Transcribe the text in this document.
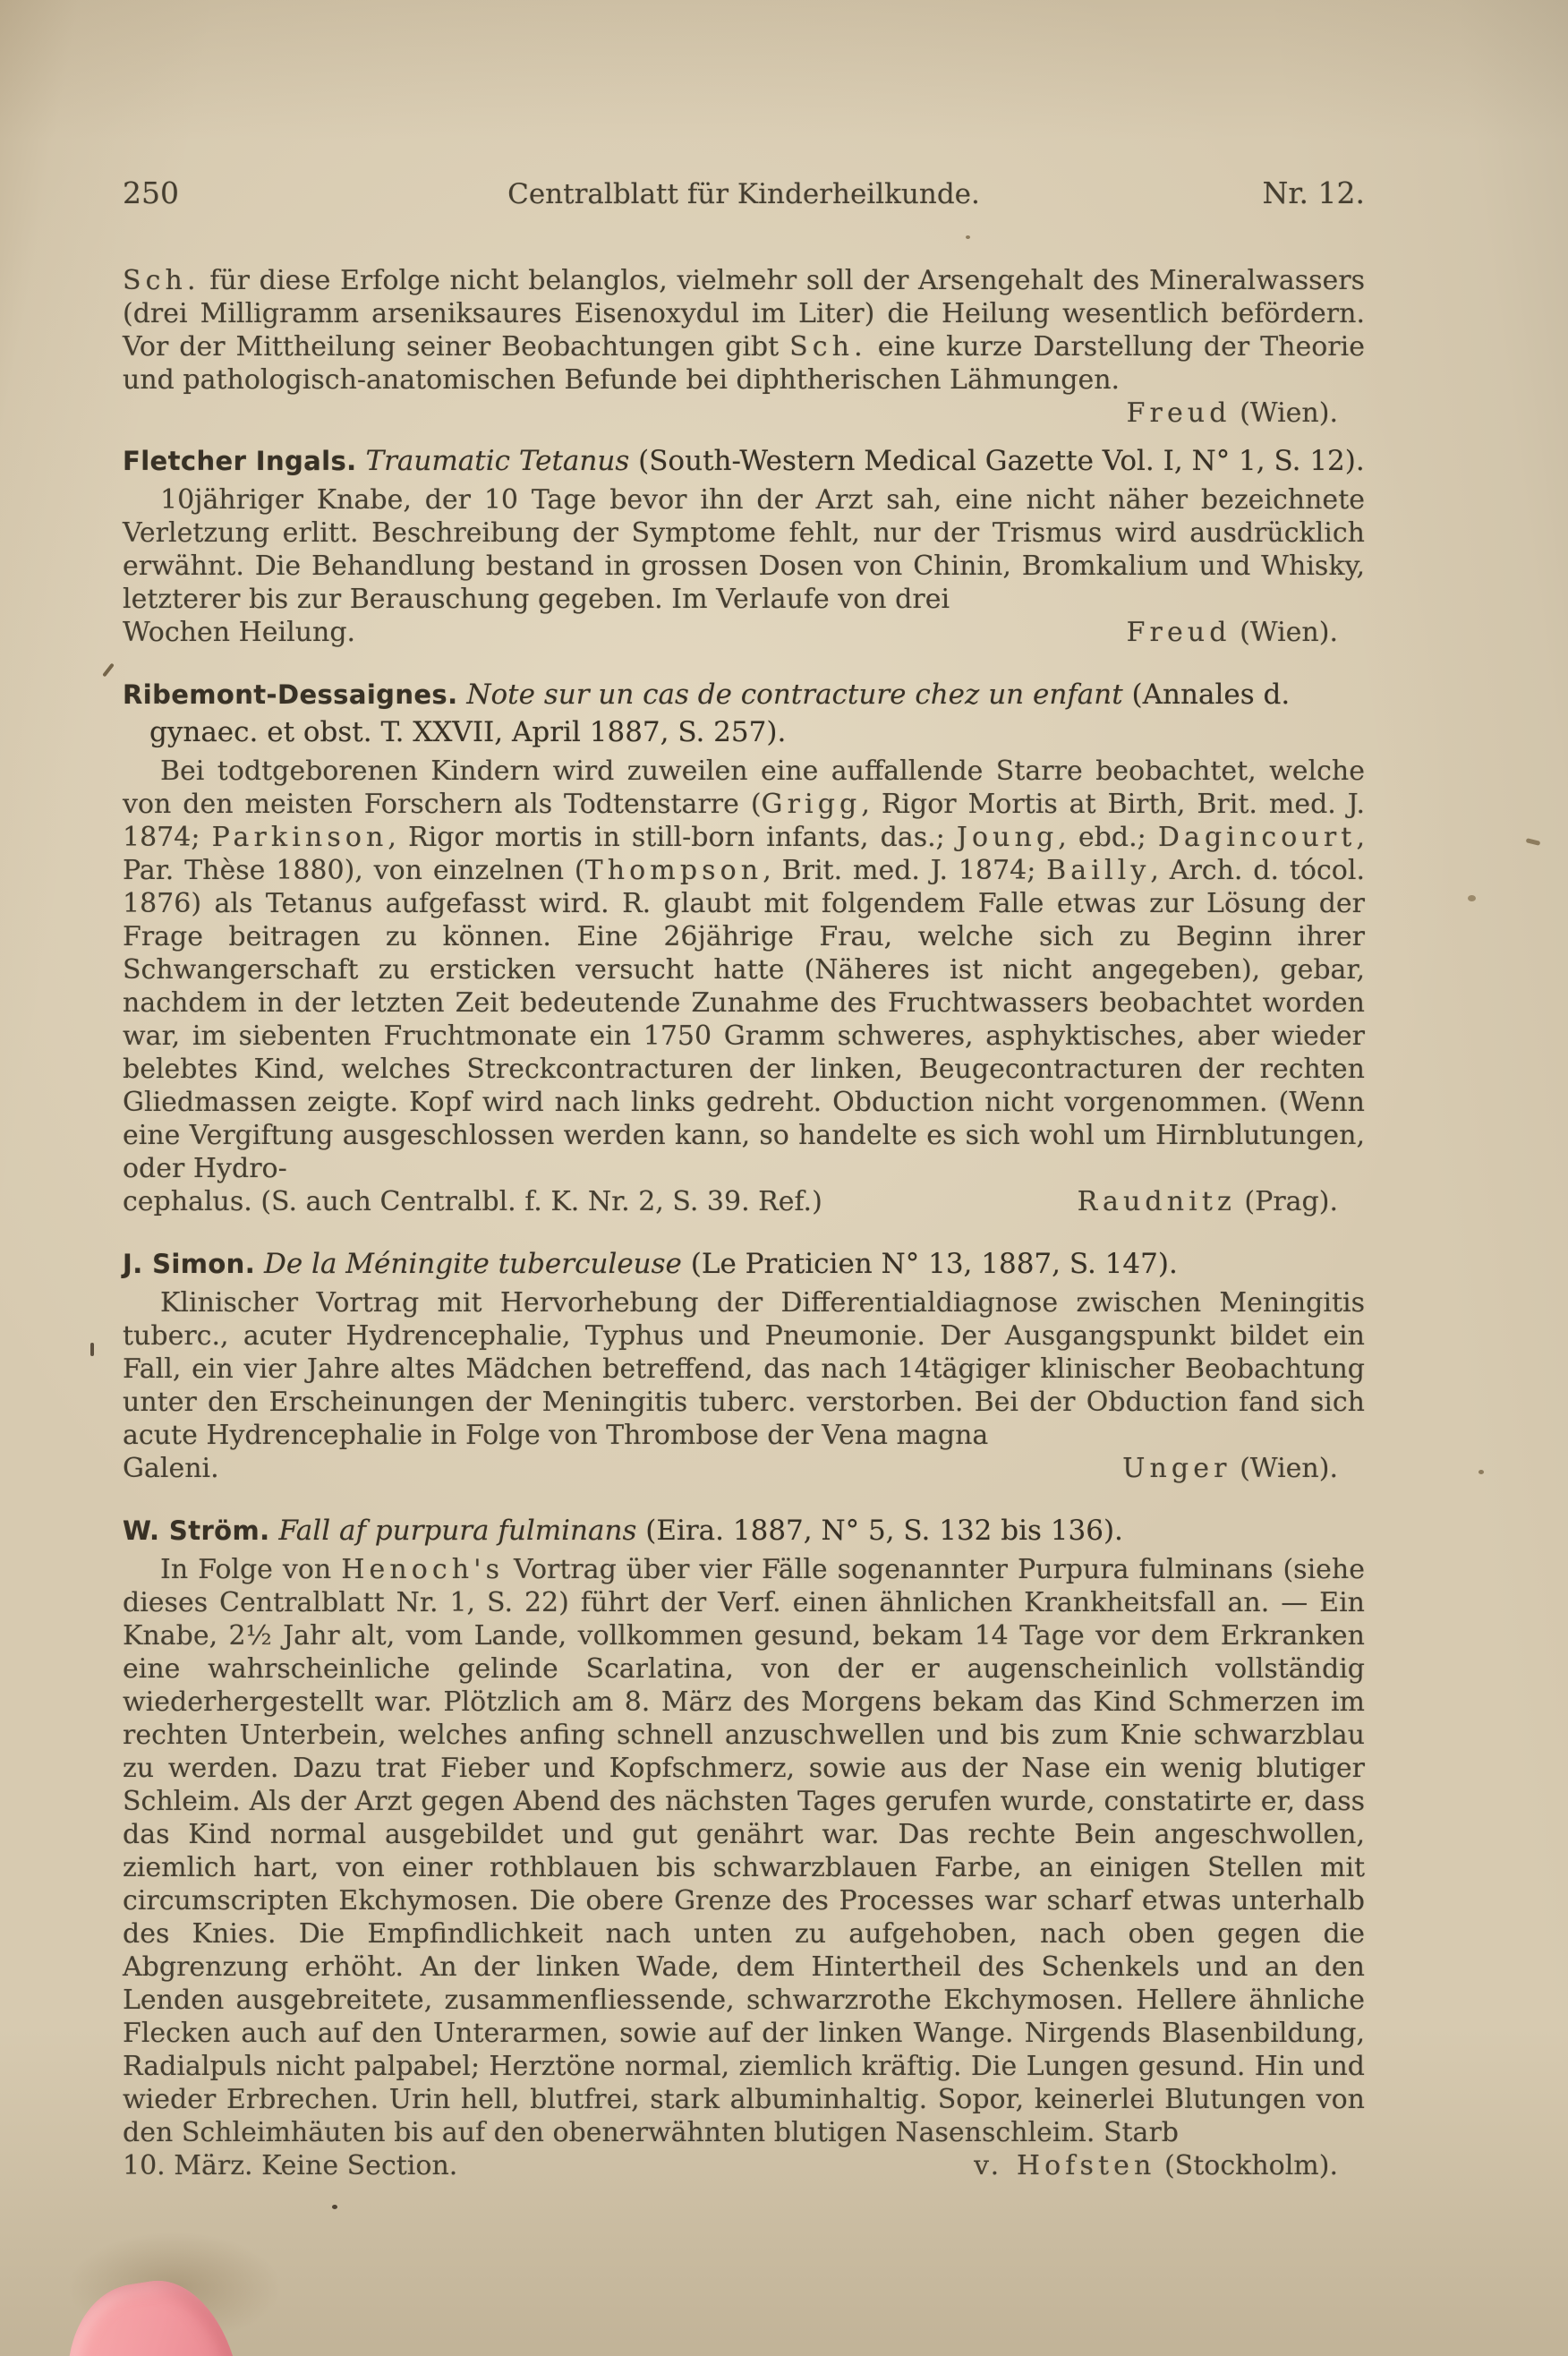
250	Centralblatt für Kinderheilkunde.	Nr. 12.

Sch. für diese Erfolge nicht belanglos, vielmehr soll der Arsengehalt des Mineralwassers (drei Milligramm arseniksaures Eisenoxydul im Liter) die Heilung wesentlich befördern. Vor der Mittheilung seiner Beobachtungen gibt Sch. eine kurze Darstellung der Theorie und pathologisch-anatomischen Befunde bei diphtherischen Lähmungen.

Freud (Wien).
Fletcher Ingals. Traumatic Tetanus (South-Western Medical Gazette Vol. I, N° 1, S. 12).

10jähriger Knabe, der 10 Tage bevor ihn der Arzt sah, eine nicht näher bezeichnete Verletzung erlitt. Beschreibung der Symptome fehlt, nur der Trismus wird ausdrücklich erwähnt. Die Behandlung bestand in grossen Dosen von Chinin, Bromkalium und Whisky, letzterer bis zur Berauschung gegeben. Im Verlaufe von drei

Wochen Heilung.	Freud (Wien).
Ribemont-Dessaignes. Note sur un cas de contracture chez un enfant (Annales d. gynaec. et obst. T. XXVII, April 1887, S. 257).

Bei todtgeborenen Kindern wird zuweilen eine auffallende Starre beobachtet, welche von den meisten Forschern als Todtenstarre (Grigg, Rigor Mortis at Birth, Brit. med. J. 1874; Parkinson, Rigor mortis in still-born infants, das.; Joung, ebd.; Dagincourt, Par. Thèse 1880), von einzelnen (Thompson, Brit. med. J. 1874; Bailly, Arch. d. tócol. 1876) als Tetanus aufgefasst wird. R. glaubt mit folgendem Falle etwas zur Lösung der Frage beitragen zu können. Eine 26jährige Frau, welche sich zu Beginn ihrer Schwangerschaft zu ersticken versucht hatte (Näheres ist nicht angegeben), gebar, nachdem in der letzten Zeit bedeutende Zunahme des Fruchtwassers beobachtet worden war, im siebenten Fruchtmonate ein 1750 Gramm schweres, asphyktisches, aber wieder belebtes Kind, welches Streckcontracturen der linken, Beugecontracturen der rechten Gliedmassen zeigte. Kopf wird nach links gedreht. Obduction nicht vorgenommen. (Wenn eine Vergiftung ausgeschlossen werden kann, so handelte es sich wohl um Hirnblutungen, oder Hydro-

cephalus. (S. auch Centralbl. f. K. Nr. 2, S. 39. Ref.)	Raudnitz (Prag).
J. Simon. De la Méningite tuberculeuse (Le Praticien N° 13, 1887, S. 147).

Klinischer Vortrag mit Hervorhebung der Differentialdiagnose zwischen Meningitis tuberc., acuter Hydrencephalie, Typhus und Pneumonie. Der Ausgangspunkt bildet ein Fall, ein vier Jahre altes Mädchen betreffend, das nach 14tägiger klinischer Beobachtung unter den Erscheinungen der Meningitis tuberc. verstorben. Bei der Obduction fand sich acute Hydrencephalie in Folge von Thrombose der Vena magna

Galeni.	Unger (Wien).
W. Ström. Fall af purpura fulminans (Eira. 1887, N° 5, S. 132 bis 136).

In Folge von Henoch's Vortrag über vier Fälle sogenannter Purpura fulminans (siehe dieses Centralblatt Nr. 1, S. 22) führt der Verf. einen ähnlichen Krankheitsfall an. — Ein Knabe, 2½ Jahr alt, vom Lande, vollkommen gesund, bekam 14 Tage vor dem Erkranken eine wahrscheinliche gelinde Scarlatina, von der er augenscheinlich vollständig wiederhergestellt war. Plötzlich am 8. März des Morgens bekam das Kind Schmerzen im rechten Unterbein, welches anfing schnell anzuschwellen und bis zum Knie schwarzblau zu werden. Dazu trat Fieber und Kopfschmerz, sowie aus der Nase ein wenig blutiger Schleim. Als der Arzt gegen Abend des nächsten Tages gerufen wurde, constatirte er, dass das Kind normal ausgebildet und gut genährt war. Das rechte Bein angeschwollen, ziemlich hart, von einer rothblauen bis schwarzblauen Farbe, an einigen Stellen mit circumscripten Ekchymosen. Die obere Grenze des Processes war scharf etwas unterhalb des Knies. Die Empfindlichkeit nach unten zu aufgehoben, nach oben gegen die Abgrenzung erhöht. An der linken Wade, dem Hintertheil des Schenkels und an den Lenden ausgebreitete, zusammenfliessende, schwarzrothe Ekchymosen. Hellere ähnliche Flecken auch auf den Unterarmen, sowie auf der linken Wange. Nirgends Blasenbildung, Radialpuls nicht palpabel; Herztöne normal, ziemlich kräftig. Die Lungen gesund. Hin und wieder Erbrechen. Urin hell, blutfrei, stark albuminhaltig. Sopor, keinerlei Blutungen von den Schleimhäuten bis auf den obenerwähnten blutigen Nasenschleim. Starb

10. März. Keine Section.	v. Hofsten (Stockholm).
